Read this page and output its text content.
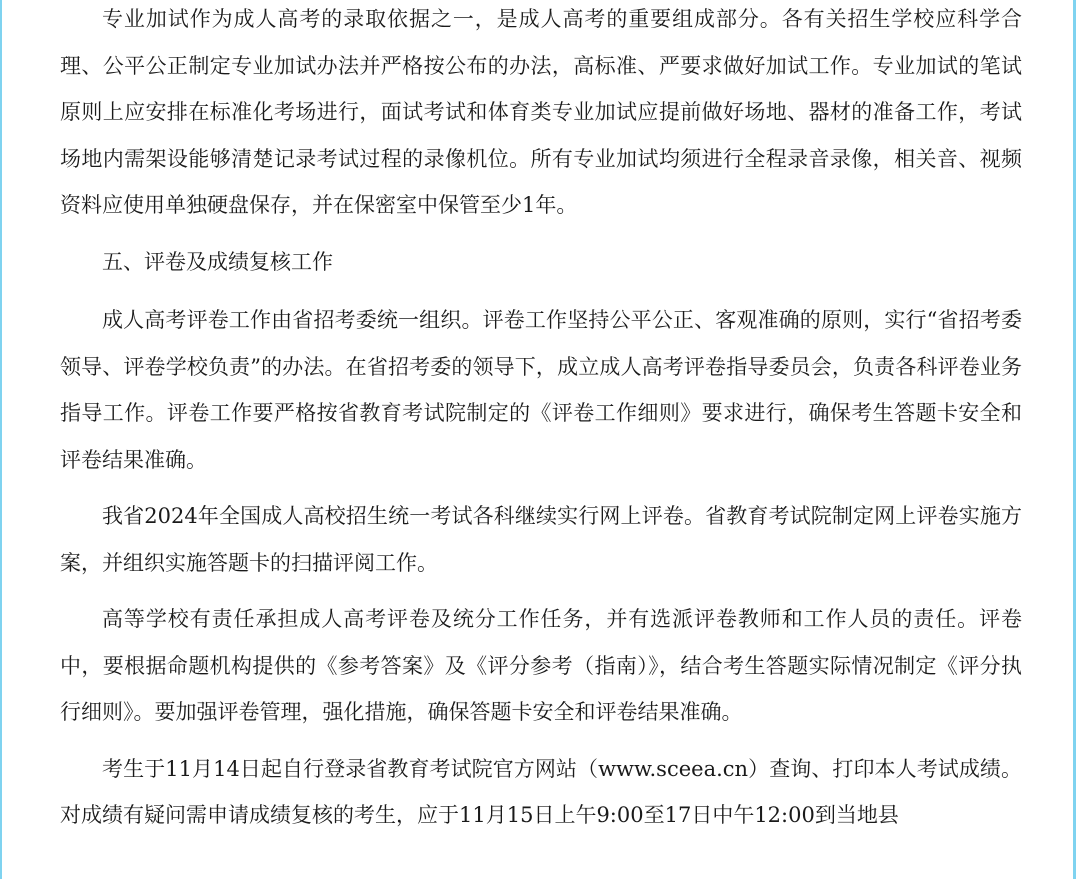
专业加试作为成人高考的录取依据之一，是成人高考的重要组成部分。各有关招生学校应科学合理、公平公正制定专业加试办法并严格按公布的办法，高标准、严要求做好加试工作。专业加试的笔试原则上应安排在标准化考场进行，面试考试和体育类专业加试应提前做好场地、器材的准备工作，考试场地内需架设能够清楚记录考试过程的录像机位。所有专业加试均须进行全程录音录像，相关音、视频资料应使用单独硬盘保存，并在保密室中保管至少1年。

五、评卷及成绩复核工作

成人高考评卷工作由省招考委统一组织。评卷工作坚持公平公正、客观准确的原则，实行“省招考委领导、评卷学校负责”的办法。在省招考委的领导下，成立成人高考评卷指导委员会，负责各科评卷业务指导工作。评卷工作要严格按省教育考试院制定的《评卷工作细则》要求进行，确保考生答题卡安全和评卷结果准确。

我省2024年全国成人高校招生统一考试各科继续实行网上评卷。省教育考试院制定网上评卷实施方案，并组织实施答题卡的扫描评阅工作。

高等学校有责任承担成人高考评卷及统分工作任务，并有选派评卷教师和工作人员的责任。评卷中，要根据命题机构提供的《参考答案》及《评分参考（指南）》，结合考生答题实际情况制定《评分执行细则》。要加强评卷管理，强化措施，确保答题卡安全和评卷结果准确。

考生于11月14日起自行登录省教育考试院官方网站（www.sceea.cn）查询、打印本人考试成绩。对成绩有疑问需申请成绩复核的考生，应于11月15日上午9:00至17日中午12:00到当地县
